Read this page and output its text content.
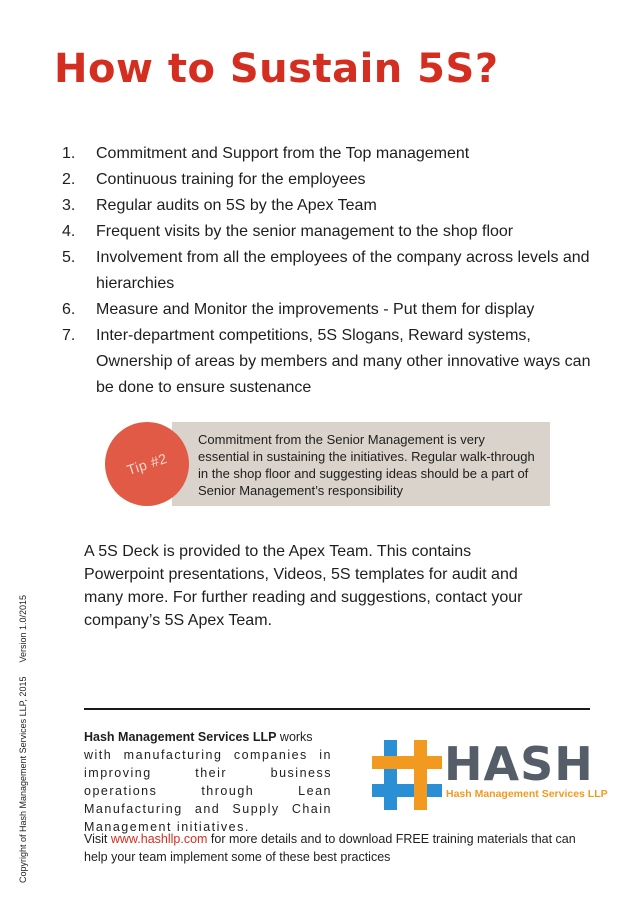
How to Sustain 5S?
1.	Commitment and Support from the Top management
2.	Continuous training for the employees
3.	Regular audits on 5S by the Apex Team
4.	Frequent visits by the senior management to the shop floor
5.	Involvement from all the employees of the company across levels and hierarchies
6.	Measure and Monitor the improvements - Put them for display
7.	Inter-department competitions, 5S Slogans, Reward systems, Ownership of areas by members and many other innovative ways can be done to ensure sustenance
Tip #2
Commitment from the Senior Management is very
essential in sustaining the initiatives. Regular walk-through
in the shop floor and suggesting ideas should be a part of
Senior Management’s responsibility

A 5S Deck is provided to the Apex Team. This contains Powerpoint presentations, Videos, 5S templates for audit and many more. For further reading and suggestions, contact your company’s 5S Apex Team.

Copyright of Hash Management Services LLP, 2015Version 1.0/2015

Hash Management Services LLP works
with manufacturing companies in improving their business operations through Lean Manufacturing and Supply Chain Management initiatives.

HASH
Hash Management Services LLP

Visit www.hashllp.com for more details and to download FREE training materials that can help your team implement some of these best practices
